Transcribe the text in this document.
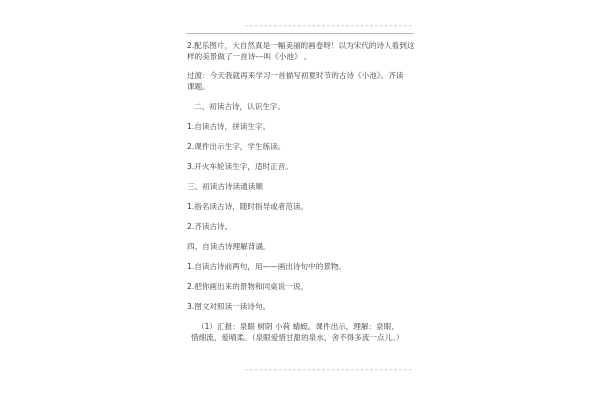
-----------------------------------

2.配乐图片，大自然真是一幅美丽的画卷呀！以为宋代的诗人看到这

样的美景做了一首诗---叫《小池》 。

过渡：今天我就再来学习一首描写初夏时节的古诗《小池》。齐读

课题。

二、初读古诗，认识生字。

1.自读古诗，拼读生字。

2.课件出示生字，学生练读。

3.开火车轮读生字，适时正音。

三、初读古诗读通读顺

1.指名读古诗，随时指导或者范读。

2.齐读古诗。

四、自读古诗理解背诵。

1.自读古诗前两句，用——画出诗句中的景物。

2.把你画出来的景物和同桌说一说。

3.图文对照读一读诗句。

（1）汇报：泉眼 树阴 小荷 蜻蜓。课件出示，理解：泉眼、

惜细流、爱晴柔。（泉眼爱惜甘甜的泉水，舍不得多流一点儿。）

-----------------------------------
